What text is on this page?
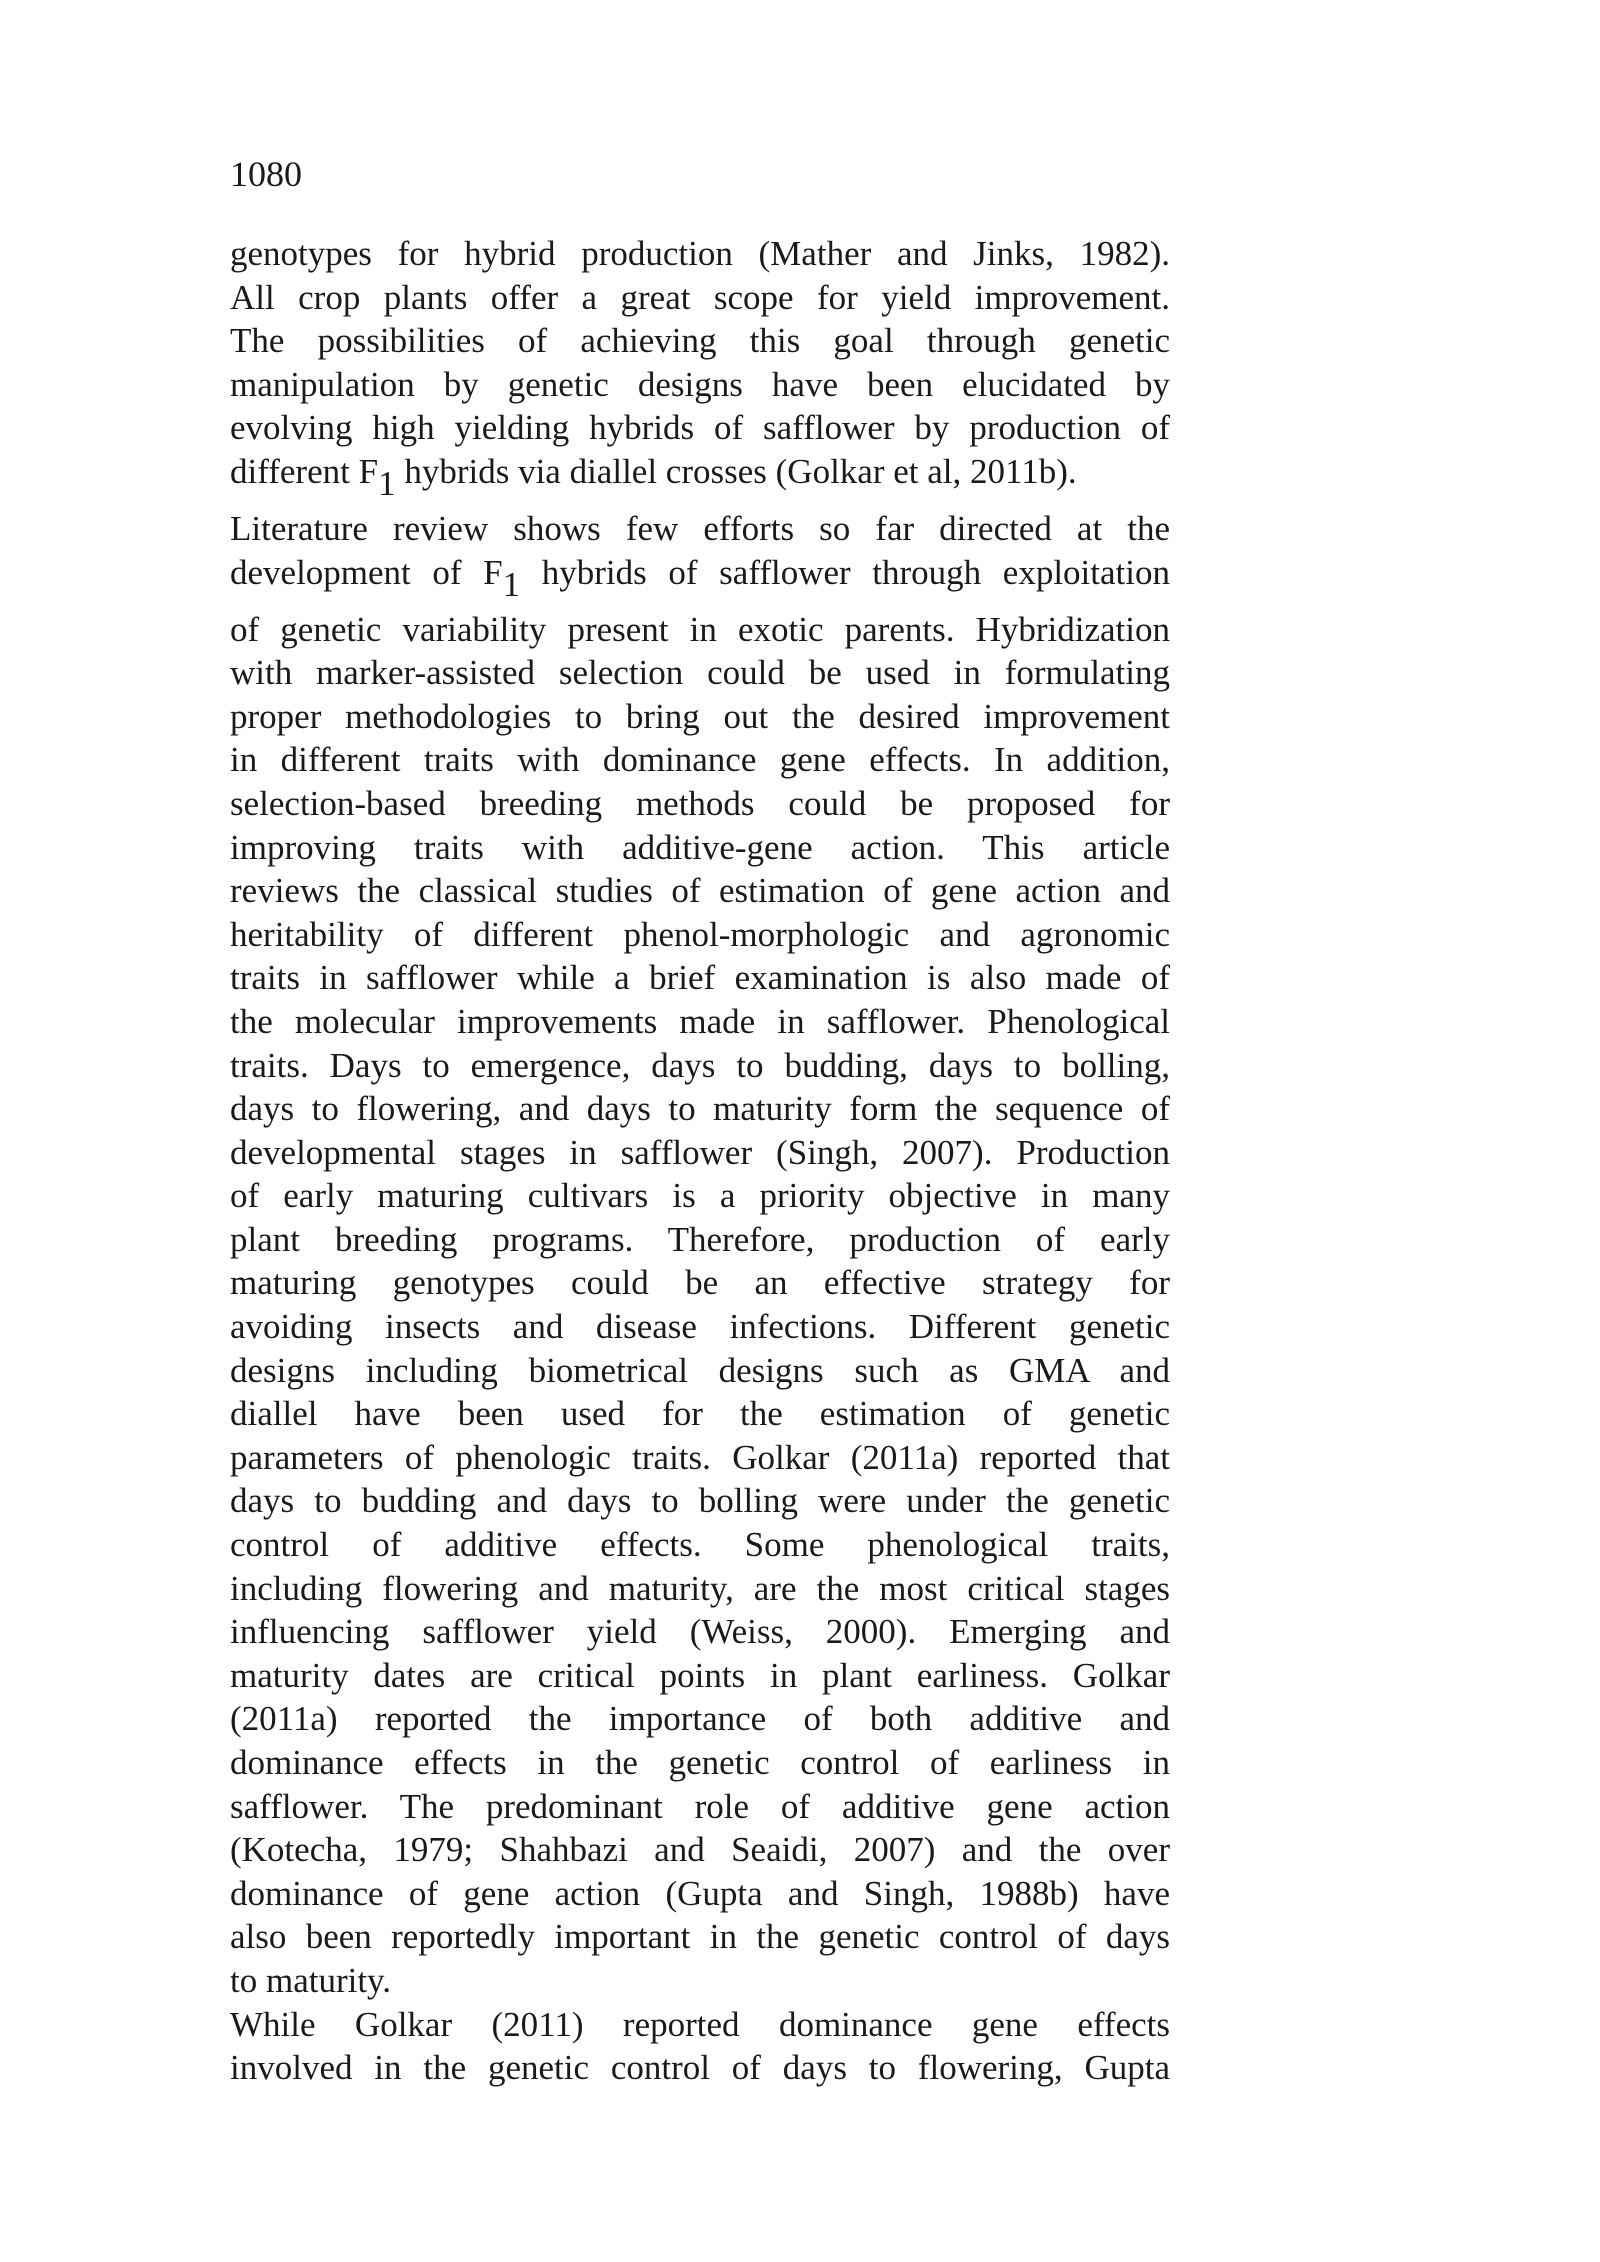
1080
genotypes for hybrid production (Mather and Jinks, 1982).
All crop plants offer a great scope for yield improvement.
The possibilities of achieving this goal through genetic
manipulation by genetic designs have been elucidated by
evolving high yielding hybrids of safflower by production of
different F1 hybrids via diallel crosses (Golkar et al, 2011b).
Literature review shows few efforts so far directed at the
development of F1 hybrids of safflower through exploitation
of genetic variability present in exotic parents. Hybridization
with marker-assisted selection could be used in formulating
proper methodologies to bring out the desired improvement
in different traits with dominance gene effects. In addition,
selection-based breeding methods could be proposed for
improving traits with additive-gene action. This article
reviews the classical studies of estimation of gene action and
heritability of different phenol-morphologic and agronomic
traits in safflower while a brief examination is also made of
the molecular improvements made in safflower. Phenological
traits. Days to emergence, days to budding, days to bolling,
days to flowering, and days to maturity form the sequence of
developmental stages in safflower (Singh, 2007). Production
of early maturing cultivars is a priority objective in many
plant breeding programs. Therefore, production of early
maturing genotypes could be an effective strategy for
avoiding insects and disease infections. Different genetic
designs including biometrical designs such as GMA and
diallel have been used for the estimation of genetic
parameters of phenologic traits. Golkar (2011a) reported that
days to budding and days to bolling were under the genetic
control of additive effects. Some phenological traits,
including flowering and maturity, are the most critical stages
influencing safflower yield (Weiss, 2000). Emerging and
maturity dates are critical points in plant earliness. Golkar
(2011a) reported the importance of both additive and
dominance effects in the genetic control of earliness in
safflower. The predominant role of additive gene action
(Kotecha, 1979; Shahbazi and Seaidi, 2007) and the over
dominance of gene action (Gupta and Singh, 1988b) have
also been reportedly important in the genetic control of days
to maturity.
While Golkar (2011) reported dominance gene effects
involved in the genetic control of days to flowering, Gupta
